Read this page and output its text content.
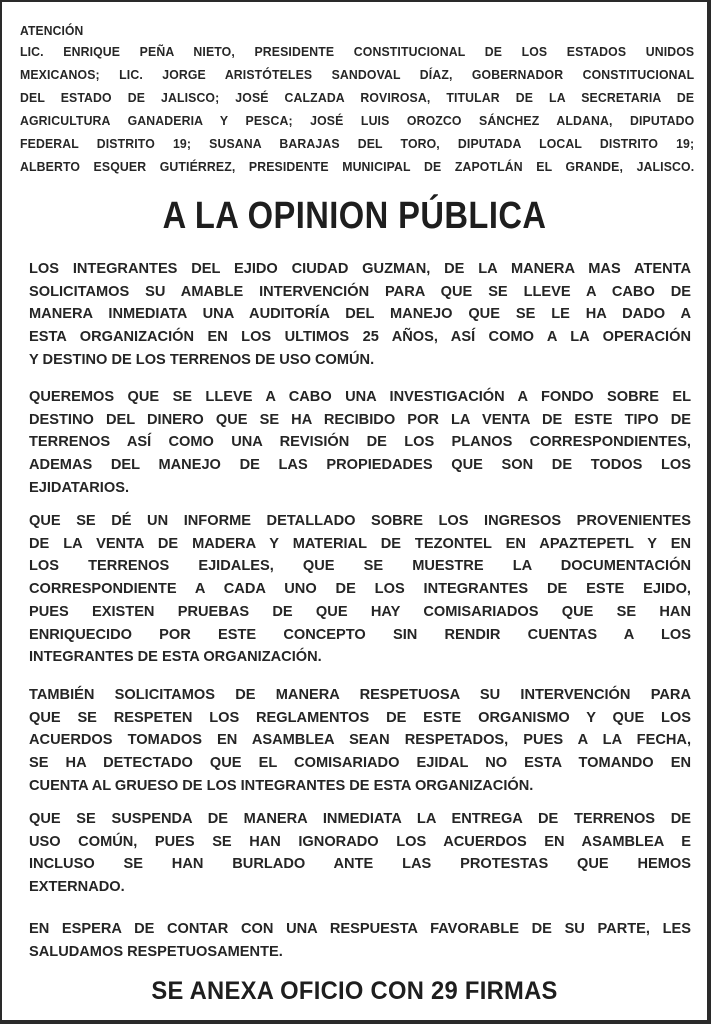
ATENCIÓN
LIC. ENRIQUE PEÑA NIETO, PRESIDENTE CONSTITUCIONAL DE LOS ESTADOS UNIDOS
MEXICANOS; LIC. JORGE ARISTÓTELES SANDOVAL DÍAZ, GOBERNADOR CONSTITUCIONAL
DEL ESTADO DE JALISCO; JOSÉ CALZADA ROVIROSA, TITULAR DE LA SECRETARIA DE
AGRICULTURA GANADERIA Y PESCA; JOSÉ LUIS OROZCO SÁNCHEZ ALDANA, DIPUTADO
FEDERAL DISTRITO 19; SUSANA BARAJAS DEL TORO, DIPUTADA LOCAL DISTRITO 19;
ALBERTO ESQUER GUTIÉRREZ, PRESIDENTE MUNICIPAL DE ZAPOTLÁN EL GRANDE, JALISCO.
A LA OPINION PÚBLICA
LOS INTEGRANTES DEL EJIDO CIUDAD GUZMAN, DE LA MANERA MAS ATENTA
SOLICITAMOS SU AMABLE INTERVENCIÓN PARA QUE SE LLEVE A CABO DE
MANERA INMEDIATA UNA AUDITORÍA DEL MANEJO QUE SE LE HA DADO A
ESTA ORGANIZACIÓN EN LOS ULTIMOS 25 AÑOS, ASÍ COMO A LA OPERACIÓN
Y DESTINO DE LOS TERRENOS DE USO COMÚN.
QUEREMOS QUE SE LLEVE A CABO UNA INVESTIGACIÓN A FONDO SOBRE EL
DESTINO DEL DINERO QUE SE HA RECIBIDO POR LA VENTA DE ESTE TIPO DE
TERRENOS ASÍ COMO UNA REVISIÓN DE LOS PLANOS CORRESPONDIENTES,
ADEMAS DEL MANEJO DE LAS PROPIEDADES QUE SON DE TODOS LOS
EJIDATARIOS.
QUE SE DÉ UN INFORME DETALLADO SOBRE LOS INGRESOS PROVENIENTES
DE LA VENTA DE MADERA Y MATERIAL DE TEZONTEL EN APAZTEPETL Y EN
LOS TERRENOS EJIDALES, QUE SE MUESTRE LA DOCUMENTACIÓN
CORRESPONDIENTE A CADA UNO DE LOS INTEGRANTES DE ESTE EJIDO,
PUES EXISTEN PRUEBAS DE QUE HAY COMISARIADOS QUE SE HAN
ENRIQUECIDO POR ESTE CONCEPTO SIN RENDIR CUENTAS A LOS
INTEGRANTES DE ESTA ORGANIZACIÓN.
TAMBIÉN SOLICITAMOS DE MANERA RESPETUOSA SU INTERVENCIÓN PARA
QUE SE RESPETEN LOS REGLAMENTOS DE ESTE ORGANISMO Y QUE LOS
ACUERDOS TOMADOS EN ASAMBLEA SEAN RESPETADOS, PUES A LA FECHA,
SE HA DETECTADO QUE EL COMISARIADO EJIDAL NO ESTA TOMANDO EN
CUENTA AL GRUESO DE LOS INTEGRANTES DE ESTA ORGANIZACIÓN.
QUE SE SUSPENDA DE MANERA INMEDIATA LA ENTREGA DE TERRENOS DE
USO COMÚN, PUES SE HAN IGNORADO LOS ACUERDOS EN ASAMBLEA E
INCLUSO SE HAN BURLADO ANTE LAS PROTESTAS QUE HEMOS
EXTERNADO.
EN ESPERA DE CONTAR CON UNA RESPUESTA FAVORABLE DE SU PARTE, LES
SALUDAMOS RESPETUOSAMENTE.
SE ANEXA OFICIO CON 29 FIRMAS
